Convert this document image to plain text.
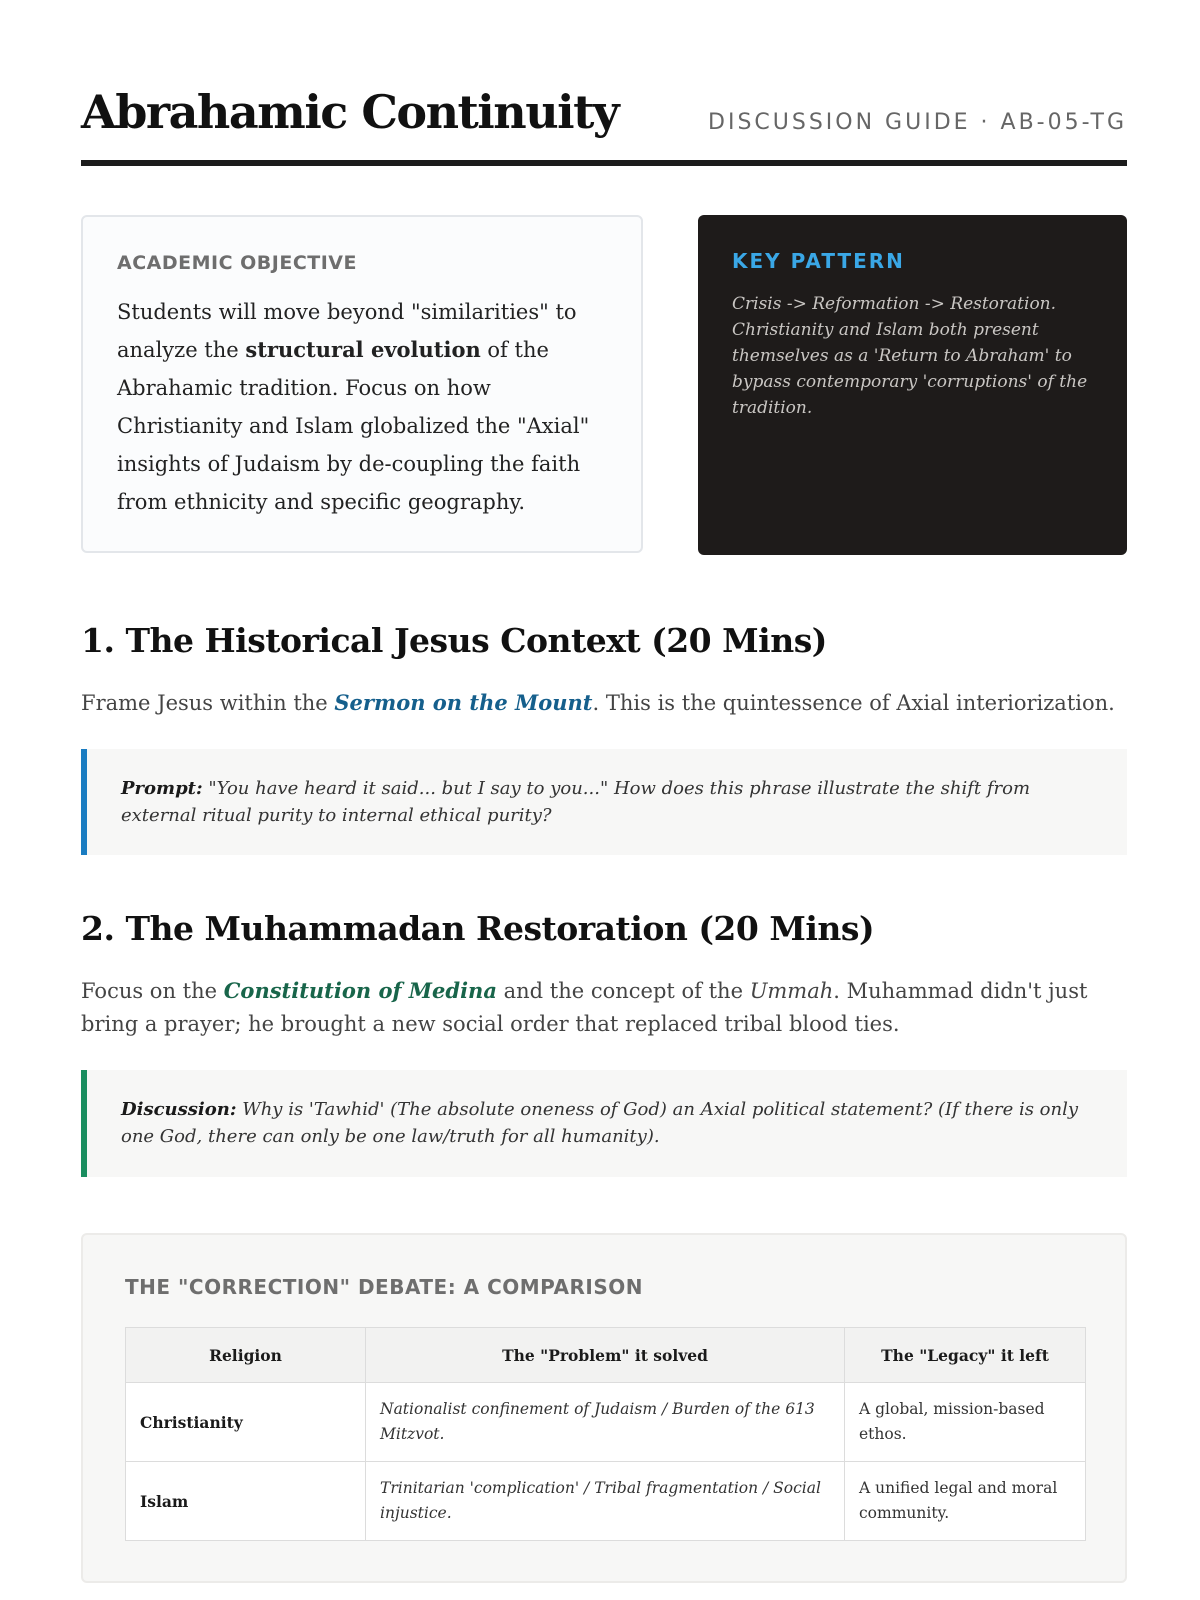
Abrahamic Continuity	DISCUSSION GUIDE · AB-05-TG
ACADEMIC OBJECTIVE
Students will move beyond "similarities" to analyze the structural evolution of the Abrahamic tradition. Focus on how Christianity and Islam globalized the "Axial" insights of Judaism by de-coupling the faith from ethnicity and specific geography.
KEY PATTERN
Crisis -> Reformation -> Restoration. Christianity and Islam both present themselves as a 'Return to Abraham' to bypass contemporary 'corruptions' of the tradition.
1. The Historical Jesus Context (20 Mins)
Frame Jesus within the Sermon on the Mount. This is the quintessence of Axial interiorization.
Prompt: "You have heard it said... but I say to you..." How does this phrase illustrate the shift from external ritual purity to internal ethical purity?
2. The Muhammadan Restoration (20 Mins)
Focus on the Constitution of Medina and the concept of the Ummah. Muhammad didn't just bring a prayer; he brought a new social order that replaced tribal blood ties.
Discussion: Why is 'Tawhid' (The absolute oneness of God) an Axial political statement? (If there is only one God, there can only be one law/truth for all humanity).
THE "CORRECTION" DEBATE: A COMPARISON
Religion	The "Problem" it solved	The "Legacy" it left
Christianity	Nationalist confinement of Judaism / Burden of the 613 Mitzvot.	A global, mission-based ethos.
Islam	Trinitarian 'complication' / Tribal fragmentation / Social injustice.	A unified legal and moral community.
